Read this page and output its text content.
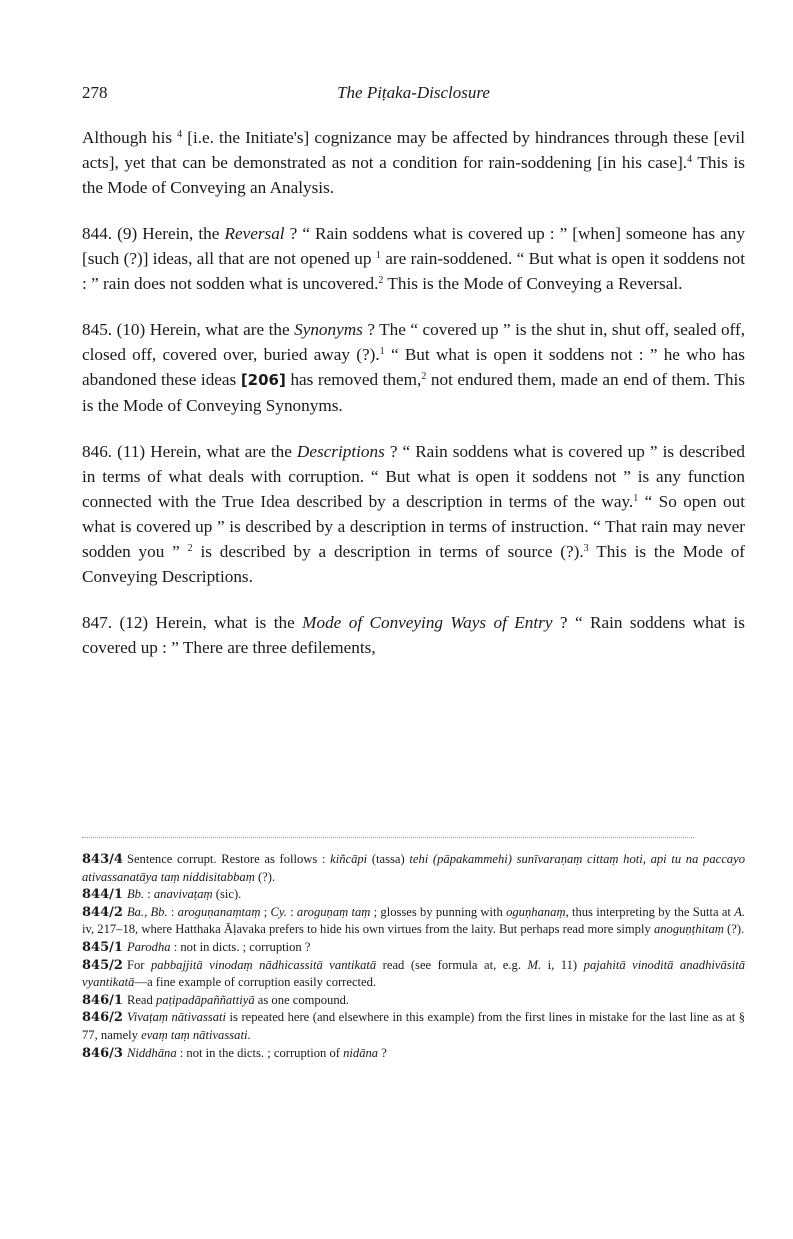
278	The Piṭaka-Disclosure

Although his $^4$ [i.e. the Initiate's] cognizance may be affected by hindrances through these [evil acts], yet that can be demonstrated as not a condition for rain-soddening [in his case].$^4$ This is the Mode of Conveying an Analysis.

844. (9) Herein, the Reversal ? “ Rain soddens what is covered up : ” [when] someone has any [such (?)] ideas, all that are not opened up $^1$ are rain-soddened. “ But what is open it soddens not : ” rain does not sodden what is uncovered.$^2$ This is the Mode of Conveying a Reversal.

845. (10) Herein, what are the Synonyms ? The “ covered up ” is the shut in, shut off, sealed off, closed off, covered over, buried away (?).$^1$ “ But what is open it soddens not : ” he who has abandoned these ideas [206] has removed them,$^2$ not endured them, made an end of them. This is the Mode of Conveying Synonyms.

846. (11) Herein, what are the Descriptions ? “ Rain soddens what is covered up ” is described in terms of what deals with corruption. “ But what is open it soddens not ” is any function connected with the True Idea described by a description in terms of the way.$^1$ “ So open out what is covered up ” is described by a description in terms of instruction. “ That rain may never sodden you ” $^2$ is described by a description in terms of source (?).$^3$ This is the Mode of Conveying Descriptions.

847. (12) Herein, what is the Mode of Conveying Ways of Entry ? “ Rain soddens what is covered up : ” There are three defilements,

843/4 Sentence corrupt. Restore as follows : kiñcāpi (tassa) tehi (pāpakammehi) sunīvaraṇaṃ cittaṃ hoti, api tu na paccayo ativassanatāya taṃ niddisitabbaṃ (?).

844/1 Bb. : anavivaṭaṃ (sic).

844/2 Ba., Bb. : aroguṇanaṃtaṃ ; Cy. : aroguṇaṃ taṃ ; glosses by punning with oguṇhanaṃ, thus interpreting by the Sutta at A. iv, 217–18, where Hatthaka Āḷavaka prefers to hide his own virtues from the laity. But perhaps read more simply anoguṇṭhitaṃ (?).

845/1 Parodha : not in dicts. ; corruption ?

845/2 For pabbajjitā vinodaṃ nādhicassitā vantikatā read (see formula at, e.g. M. i, 11) pajahitā vinoditā anadhivāsitā vyantikatā—a fine example of corruption easily corrected.

846/1 Read paṭipadāpaññattiyā as one compound.

846/2 Vivaṭaṃ nātivassati is repeated here (and elsewhere in this example) from the first lines in mistake for the last line as at § 77, namely evaṃ taṃ nātivassati.

846/3 Niddhāna : not in the dicts. ; corruption of nidāna ?
